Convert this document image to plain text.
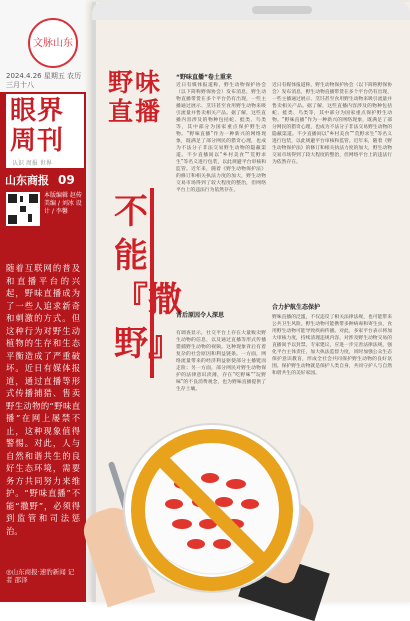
文脉山东
2024.4.26 星期五 农历三月十八
眼界周刊
认识 周报 世界
山东商报 09
本版编辑 赵传 美编 / 刘冰 设计 / 李馨
随着互联网的普及和直播平台的兴起，野味直播成为了一些人追求新奇和刺激的方式。但这种行为对野生动植物的生存和生态平衡造成了严重破坏。近日有媒体报道，通过直播等形式传播捕猎、售卖野生动物的“野味直播”在网上屡禁不止，这种现象值得警惕。对此，人与自然和谐共生的良好生态环境，需要务方共同努力来维护。“野味直播”不能“撒野”，必须得到监管和司法惩治。
◎山东商报·速豹新闻 记者 邵泽
野味直播
不能『撒野』
“野味直播”卷土重来
近日有媒体报道称，野生动物保护协会（以下简称野保协会）发布消息，野生动物直播带货在多个平台仍有出现，一些主播通过展示、烹饪甚至食用野生动物来吸引流量并售卖相关产品。据了解，这些直播内容涉及的物种包括蛇、蛙类、鸟类等，其中部分为国家重点保护野生动物。“野味直播”作为一种新兴的网络现象，既满足了部分网民的猎奇心理，也成为不法分子非法交易野生动物的隐蔽渠道。不少直播间以“乡村美食”“荒野求生”等名义进行包装，以此规避平台审核和监管。近年来，随着《野生动物保护法》的修订和相关执法力度的加大，野生动物交易市场得到了较大程度的整治，但网络平台上的违法行为依然存在。
背后原因令人深思
有调查显示，社交平台上存在大量贩卖野生动物的信息，以及通过直播等形式传播猎捕野生动物的视频。这种现象背后有着复杂的社会原因和利益链条。一方面，网络流量带来的经济利益驱使部分主播铤而走险；另一方面，部分网民对野生动物保护的法律意识淡薄，存在“吃野味”“玩野味”的不良消费观念，也为野味直播提供了生存土壤。
近日有媒体报道称，野生动物保护协会（以下简称野保协会）发布消息，野生动物直播带货在多个平台仍有出现，一些主播通过展示、烹饪甚至食用野生动物来吸引流量并售卖相关产品。据了解，这些直播内容涉及的物种包括蛇、蛙类、鸟类等，其中部分为国家重点保护野生动物。“野味直播”作为一种新兴的网络现象，既满足了部分网民的猎奇心理，也成为不法分子非法交易野生动物的隐蔽渠道。不少直播间以“乡村美食”“荒野求生”等名义进行包装，以此规避平台审核和监管。近年来，随着《野生动物保护法》的修订和相关执法力度的加大，野生动物交易市场得到了较大程度的整治，但网络平台上的违法行为依然存在。
合力护航生态保护
野味直播的泛滥，不仅违反了相关法律法规，也可能带来公共卫生风险。野生动物可能携带多种病毒和寄生虫，食用野生动物可能导致疾病传播。对此，多家平台表示将加大审核力度，持续清理违规内容，对涉及野生动物交易的直播间予以封禁。专家建议，应进一步完善法律法规，强化平台主体责任，加大执法监督力度，同时加强公众生态保护意识教育，形成全社会共同保护野生动物的良好氛围。保护野生动物就是保护人类自身，共同守护人与自然和谐共生的美好家园。
